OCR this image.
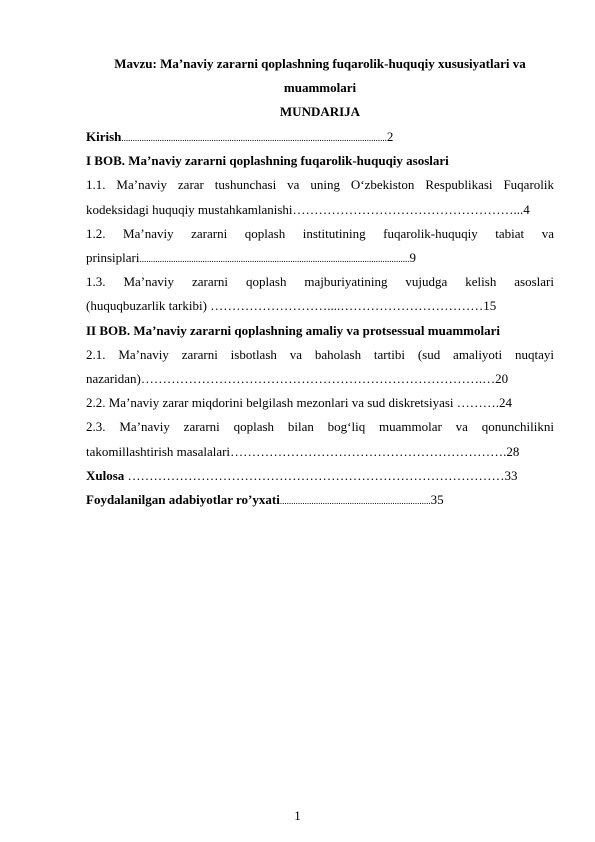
Mavzu: Ma’naviy zararni qoplashning fuqarolik-huquqiy xususiyatlari va
muammolari
MUNDARIJA
Kirish......................................................................................................................2
I BOB. Ma’naviy zararni qoplashning fuqarolik-huquqiy asoslari
1.1. Ma’naviy zarar tushunchasi va uning O‘zbekiston Respublikasi Fuqarolik
kodeksidagi huquqiy mustahkamlanishi……………………………………………...4
1.2. Ma’naviy zararni qoplash institutining fuqarolik-huquqiy tabiat va
prinsiplari........................................................................................................................9
1.3. Ma’naviy zararni qoplash majburiyatining vujudga kelish asoslari
(huquqbuzarlik tarkibi) ………………………....……………………………15
II BOB. Ma’naviy zararni qoplashning amaliy va protsessual muammolari
2.1. Ma’naviy zararni isbotlash va baholash tartibi (sud amaliyoti nuqtayi
nazaridan)…………………………………………………………………….…20
2.2. Ma’naviy zarar miqdorini belgilash mezonlari va sud diskretsiyasi ……….24
2.3. Ma’naviy zararni qoplash bilan bog‘liq muammolar va qonunchilikni
takomillashtirish masalalari……………………………………………………….28
Xulosa ……………………………………………………………………………33
Foydalanilgan adabiyotlar ro’yxati...................................................................35
1
